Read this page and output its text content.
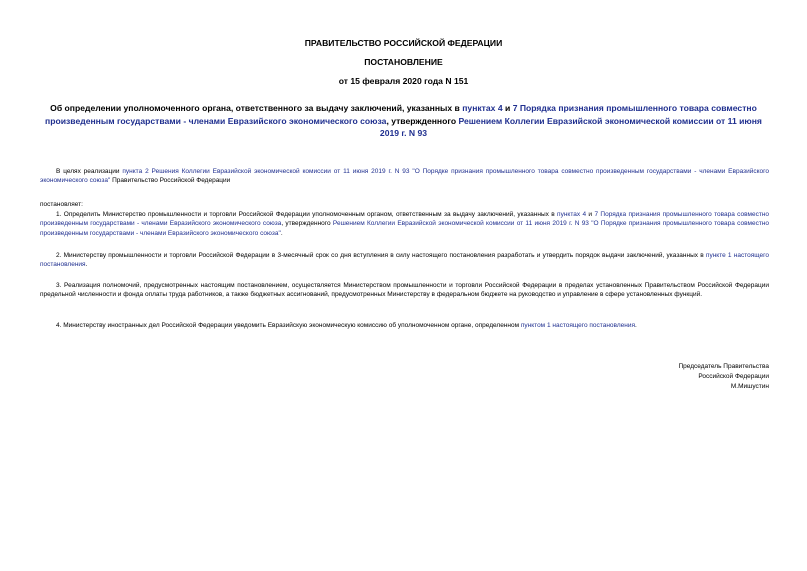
ПРАВИТЕЛЬСТВО РОССИЙСКОЙ ФЕДЕРАЦИИ
ПОСТАНОВЛЕНИЕ
от 15 февраля 2020 года N 151
Об определении уполномоченного органа, ответственного за выдачу заключений, указанных в пунктах 4 и 7 Порядка признания промышленного товара совместно произведенным государствами - членами Евразийского экономического союза, утвержденного Решением Коллегии Евразийской экономической комиссии от 11 июня 2019 г. N 93
В целях реализации пункта 2 Решения Коллегии Евразийской экономической комиссии от 11 июня 2019 г. N 93 "О Порядке признания промышленного товара совместно произведенным государствами - членами Евразийского экономического союза" Правительство Российской Федерации
постановляет:
1. Определить Министерство промышленности и торговли Российской Федерации уполномоченным органом, ответственным за выдачу заключений, указанных в пунктах 4 и 7 Порядка признания промышленного товара совместно произведенным государствами - членами Евразийского экономического союза, утвержденного Решением Коллегии Евразийской экономической комиссии от 11 июня 2019 г. N 93 "О Порядке признания промышленного товара совместно произведенным государствами - членами Евразийского экономического союза".
2. Министерству промышленности и торговли Российской Федерации в 3-месячный срок со дня вступления в силу настоящего постановления разработать и утвердить порядок выдачи заключений, указанных в пункте 1 настоящего постановления.
3. Реализация полномочий, предусмотренных настоящим постановлением, осуществляется Министерством промышленности и торговли Российской Федерации в пределах установленных Правительством Российской Федерации предельной численности и фонда оплаты труда работников, а также бюджетных ассигнований, предусмотренных Министерству в федеральном бюджете на руководство и управление в сфере установленных функций.
4. Министерству иностранных дел Российской Федерации уведомить Евразийскую экономическую комиссию об уполномоченном органе, определенном пунктом 1 настоящего постановления.
Председатель Правительства
Российской Федерации
М.Мишустин
